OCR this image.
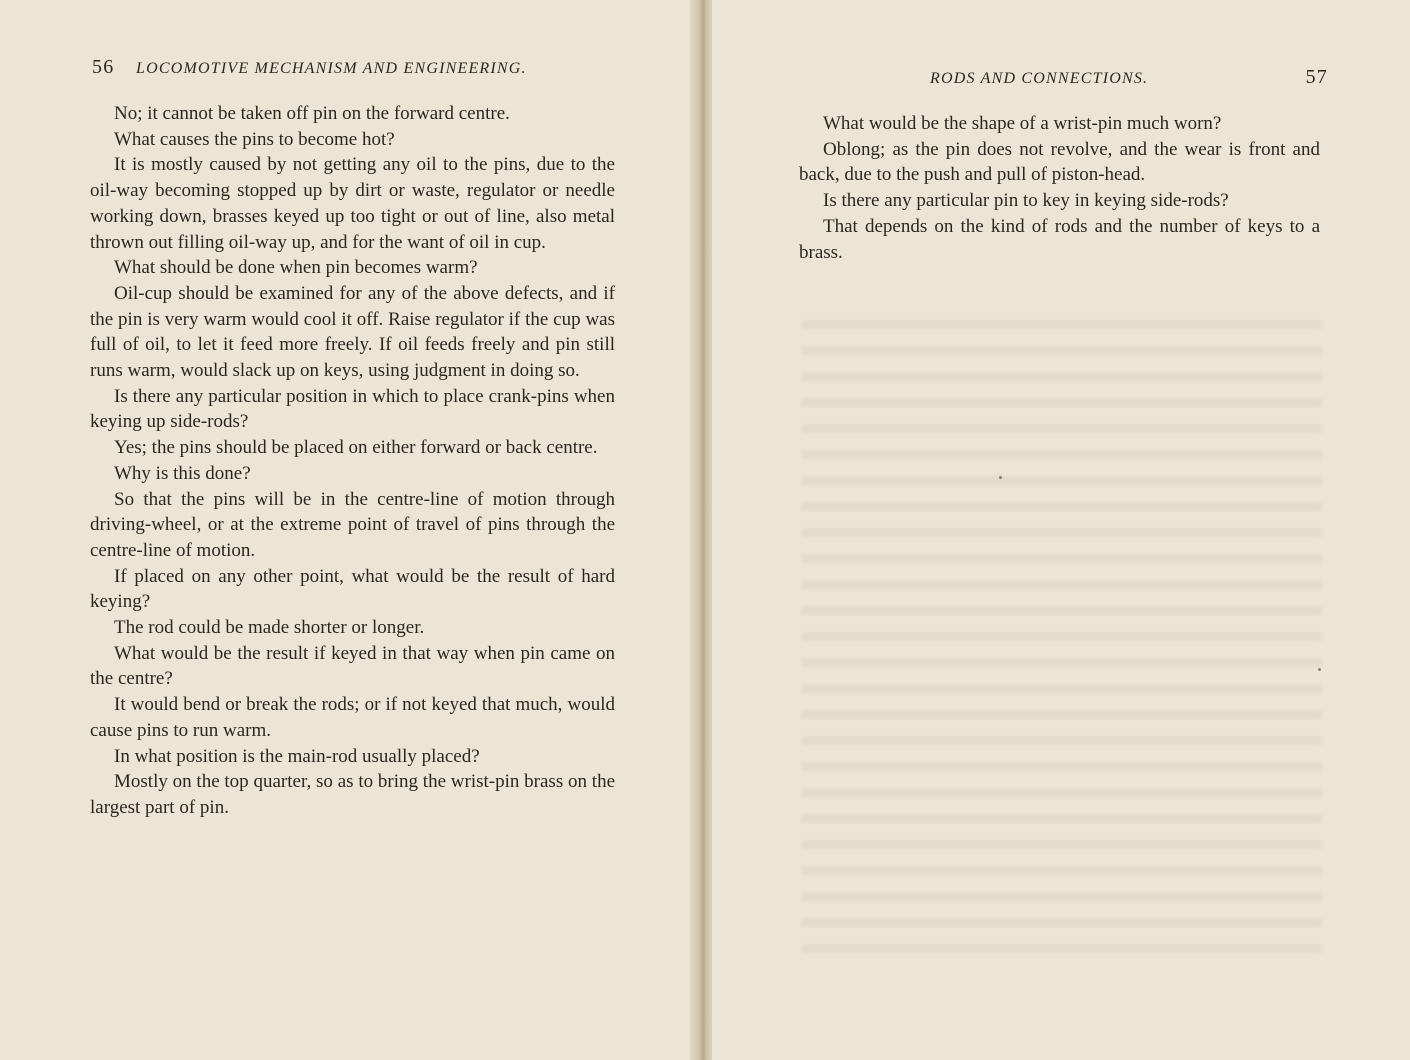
56 LOCOMOTIVE MECHANISM AND ENGINEERING.

No; it cannot be taken off pin on the forward centre.

What causes the pins to become hot?

It is mostly caused by not getting any oil to the pins, due to the oil-way becoming stopped up by dirt or waste, regulator or needle working down, brasses keyed up too tight or out of line, also metal thrown out filling oil-way up, and for the want of oil in cup.

What should be done when pin becomes warm?

Oil-cup should be examined for any of the above defects, and if the pin is very warm would cool it off. Raise regulator if the cup was full of oil, to let it feed more freely. If oil feeds freely and pin still runs warm, would slack up on keys, using judgment in doing so.

Is there any particular position in which to place crank-pins when keying up side-rods?

Yes; the pins should be placed on either forward or back centre.

Why is this done?

So that the pins will be in the centre-line of motion through driving-wheel, or at the extreme point of travel of pins through the centre-line of motion.

If placed on any other point, what would be the result of hard keying?

The rod could be made shorter or longer.

What would be the result if keyed in that way when pin came on the centre?

It would bend or break the rods; or if not keyed that much, would cause pins to run warm.

In what position is the main-rod usually placed?

Mostly on the top quarter, so as to bring the wrist-pin brass on the largest part of pin.

RODS AND CONNECTIONS.	57

What would be the shape of a wrist-pin much worn?

Oblong; as the pin does not revolve, and the wear is front and back, due to the push and pull of piston-head.

Is there any particular pin to key in keying side-rods?

That depends on the kind of rods and the number of keys to a brass.
